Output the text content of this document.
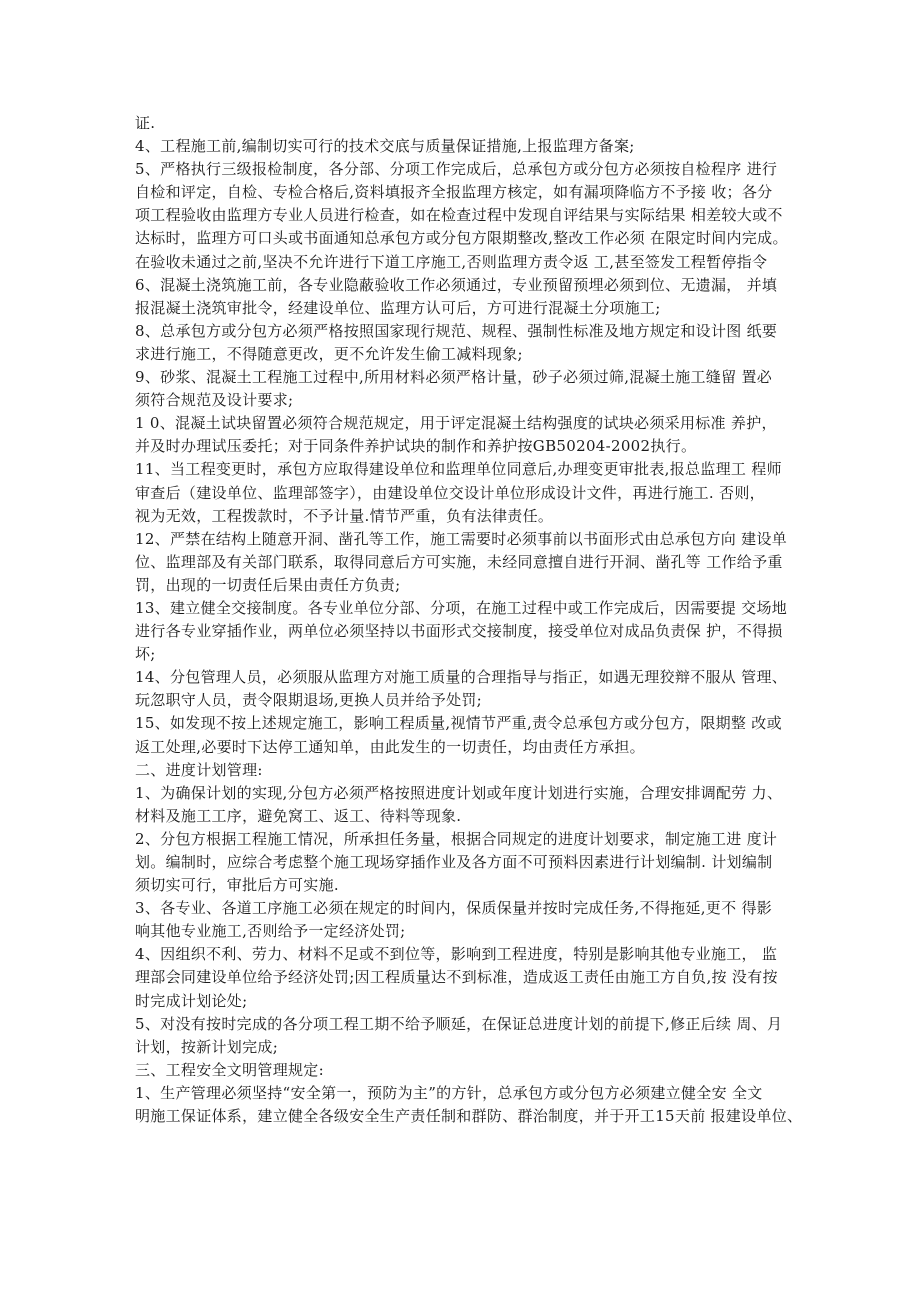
证.
4、工程施工前,编制切实可行的技术交底与质量保证措施,上报监理方备案;
5、严格执行三级报检制度，各分部、分项工作完成后，总承包方或分包方必须按自检程序 进行
自检和评定，自检、专检合格后,资料填报齐全报监理方核定，如有漏项降临方不予接 收；各分
项工程验收由监理方专业人员进行检查，如在检查过程中发现自评结果与实际结果 相差较大或不
达标时，监理方可口头或书面通知总承包方或分包方限期整改,整改工作必须 在限定时间内完成。
在验收未通过之前,坚决不允许进行下道工序施工,否则监理方责令返 工,甚至签发工程暂停指令
6、混凝土浇筑施工前，各专业隐蔽验收工作必须通过，专业预留预埋必须到位、无遗漏， 并填
报混凝土浇筑审批令，经建设单位、监理方认可后，方可进行混凝土分项施工;
8、总承包方或分包方必须严格按照国家现行规范、规程、强制性标准及地方规定和设计图 纸要
求进行施工，不得随意更改，更不允许发生偷工减料现象;
9、砂浆、混凝土工程施工过程中,所用材料必须严格计量，砂子必须过筛,混凝土施工缝留 置必
须符合规范及设计要求;
1 0、混凝土试块留置必须符合规范规定，用于评定混凝土结构强度的试块必须采用标准 养护，
并及时办理试压委托；对于同条件养护试块的制作和养护按GB50204-2002执行。
11、当工程变更时，承包方应取得建设单位和监理单位同意后,办理变更审批表,报总监理工 程师
审查后（建设单位、监理部签字），由建设单位交设计单位形成设计文件，再进行施工. 否则，
视为无效，工程拨款时，不予计量.情节严重，负有法律责任。
12、严禁在结构上随意开洞、凿孔等工作，施工需要时必须事前以书面形式由总承包方向 建设单
位、监理部及有关部门联系，取得同意后方可实施，未经同意擅自进行开洞、凿孔等 工作给予重
罚，出现的一切责任后果由责任方负责;
13、建立健全交接制度。各专业单位分部、分项，在施工过程中或工作完成后，因需要提 交场地
进行各专业穿插作业，两单位必须坚持以书面形式交接制度，接受单位对成品负责保 护，不得损
坏;
14、分包管理人员，必须服从监理方对施工质量的合理指导与指正，如遇无理狡辩不服从 管理、
玩忽职守人员，责令限期退场,更换人员并给予处罚;
15、如发现不按上述规定施工，影响工程质量,视情节严重,责令总承包方或分包方，限期整 改或
返工处理,必要时下达停工通知单，由此发生的一切责任，均由责任方承担。
二、进度计划管理:
1、为确保计划的实现,分包方必须严格按照进度计划或年度计划进行实施，合理安排调配劳 力、
材料及施工工序，避免窝工、返工、待料等现象.
2、分包方根据工程施工情况，所承担任务量，根据合同规定的进度计划要求，制定施工进 度计
划。编制时，应综合考虑整个施工现场穿插作业及各方面不可预料因素进行计划编制. 计划编制
须切实可行，审批后方可实施.
3、各专业、各道工序施工必须在规定的时间内，保质保量并按时完成任务,不得拖延,更不 得影
响其他专业施工,否则给予一定经济处罚;
4、因组织不利、劳力、材料不足或不到位等，影响到工程进度，特别是影响其他专业施工， 监
理部会同建设单位给予经济处罚;因工程质量达不到标准，造成返工责任由施工方自负,按 没有按
时完成计划论处;
5、对没有按时完成的各分项工程工期不给予顺延，在保证总进度计划的前提下,修正后续 周、月
计划，按新计划完成;
三、工程安全文明管理规定:
1、生产管理必须坚持“安全第一，预防为主”的方针，总承包方或分包方必须建立健全安 全文
明施工保证体系，建立健全各级安全生产责任制和群防、群治制度，并于开工15天前 报建设单位、
